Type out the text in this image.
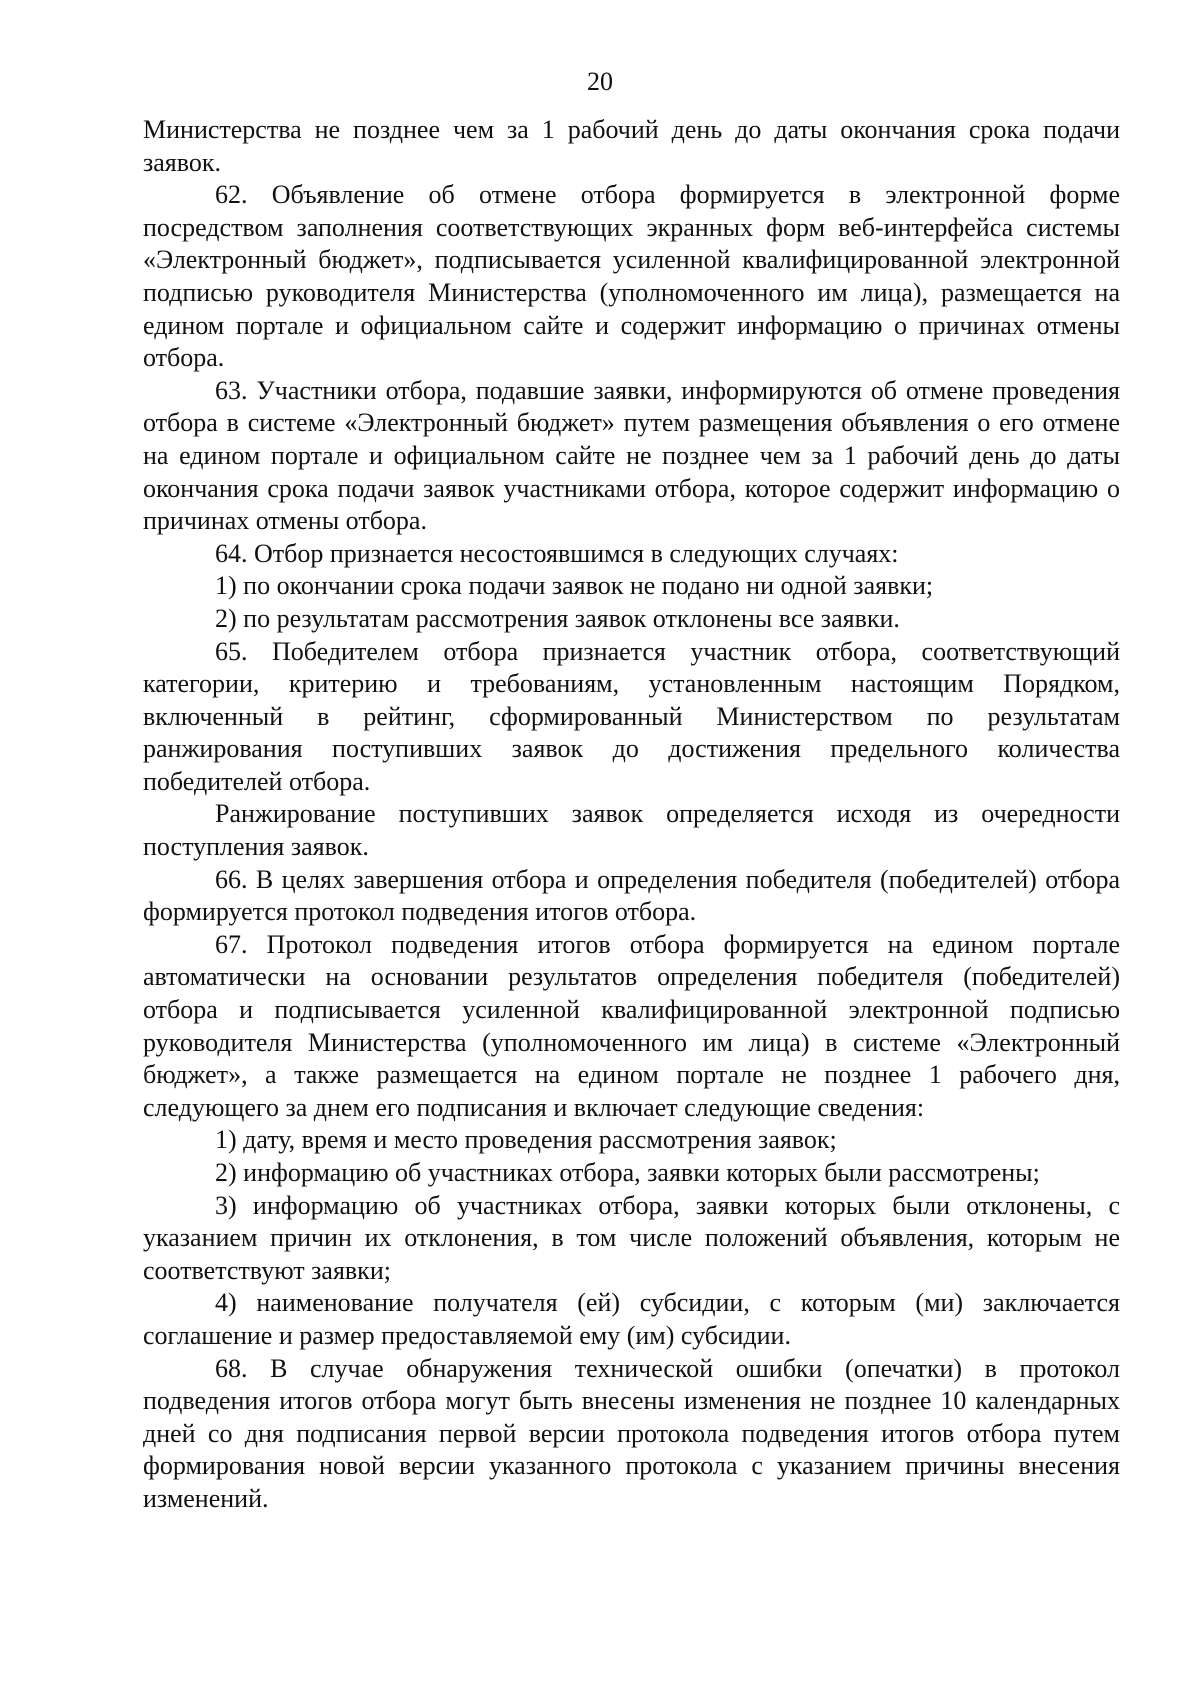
20

Министерства не позднее чем за 1 рабочий день до даты окончания срока подачи заявок.

62. Объявление об отмене отбора формируется в электронной форме посредством заполнения соответствующих экранных форм веб-интерфейса системы «Электронный бюджет», подписывается усиленной квалифицированной электронной подписью руководителя Министерства (уполномоченного им лица), размещается на едином портале и официальном сайте и содержит информацию о причинах отмены отбора.

63. Участники отбора, подавшие заявки, информируются об отмене проведения отбора в системе «Электронный бюджет» путем размещения объявления о его отмене на едином портале и официальном сайте не позднее чем за 1 рабочий день до даты окончания срока подачи заявок участниками отбора, которое содержит информацию о причинах отмены отбора.

64. Отбор признается несостоявшимся в следующих случаях:

1) по окончании срока подачи заявок не подано ни одной заявки;

2) по результатам рассмотрения заявок отклонены все заявки.

65. Победителем отбора признается участник отбора, соответствующий категории, критерию и требованиям, установленным настоящим Порядком, включенный в рейтинг, сформированный Министерством по результатам ранжирования поступивших заявок до достижения предельного количества победителей отбора.

Ранжирование поступивших заявок определяется исходя из очередности поступления заявок.

66. В целях завершения отбора и определения победителя (победителей) отбора формируется протокол подведения итогов отбора.

67. Протокол подведения итогов отбора формируется на едином портале автоматически на основании результатов определения победителя (победителей) отбора и подписывается усиленной квалифицированной электронной подписью руководителя Министерства (уполномоченного им лица) в системе «Электронный бюджет», а также размещается на едином портале не позднее 1 рабочего дня, следующего за днем его подписания и включает следующие сведения:

1) дату, время и место проведения рассмотрения заявок;

2) информацию об участниках отбора, заявки которых были рассмотрены;

3) информацию об участниках отбора, заявки которых были отклонены, с указанием причин их отклонения, в том числе положений объявления, которым не соответствуют заявки;

4) наименование получателя (ей) субсидии, с которым (ми) заключается соглашение и размер предоставляемой ему (им) субсидии.

68. В случае обнаружения технической ошибки (опечатки) в протокол подведения итогов отбора могут быть внесены изменения не позднее 10 календарных дней со дня подписания первой версии протокола подведения итогов отбора путем формирования новой версии указанного протокола с указанием причины внесения изменений.
